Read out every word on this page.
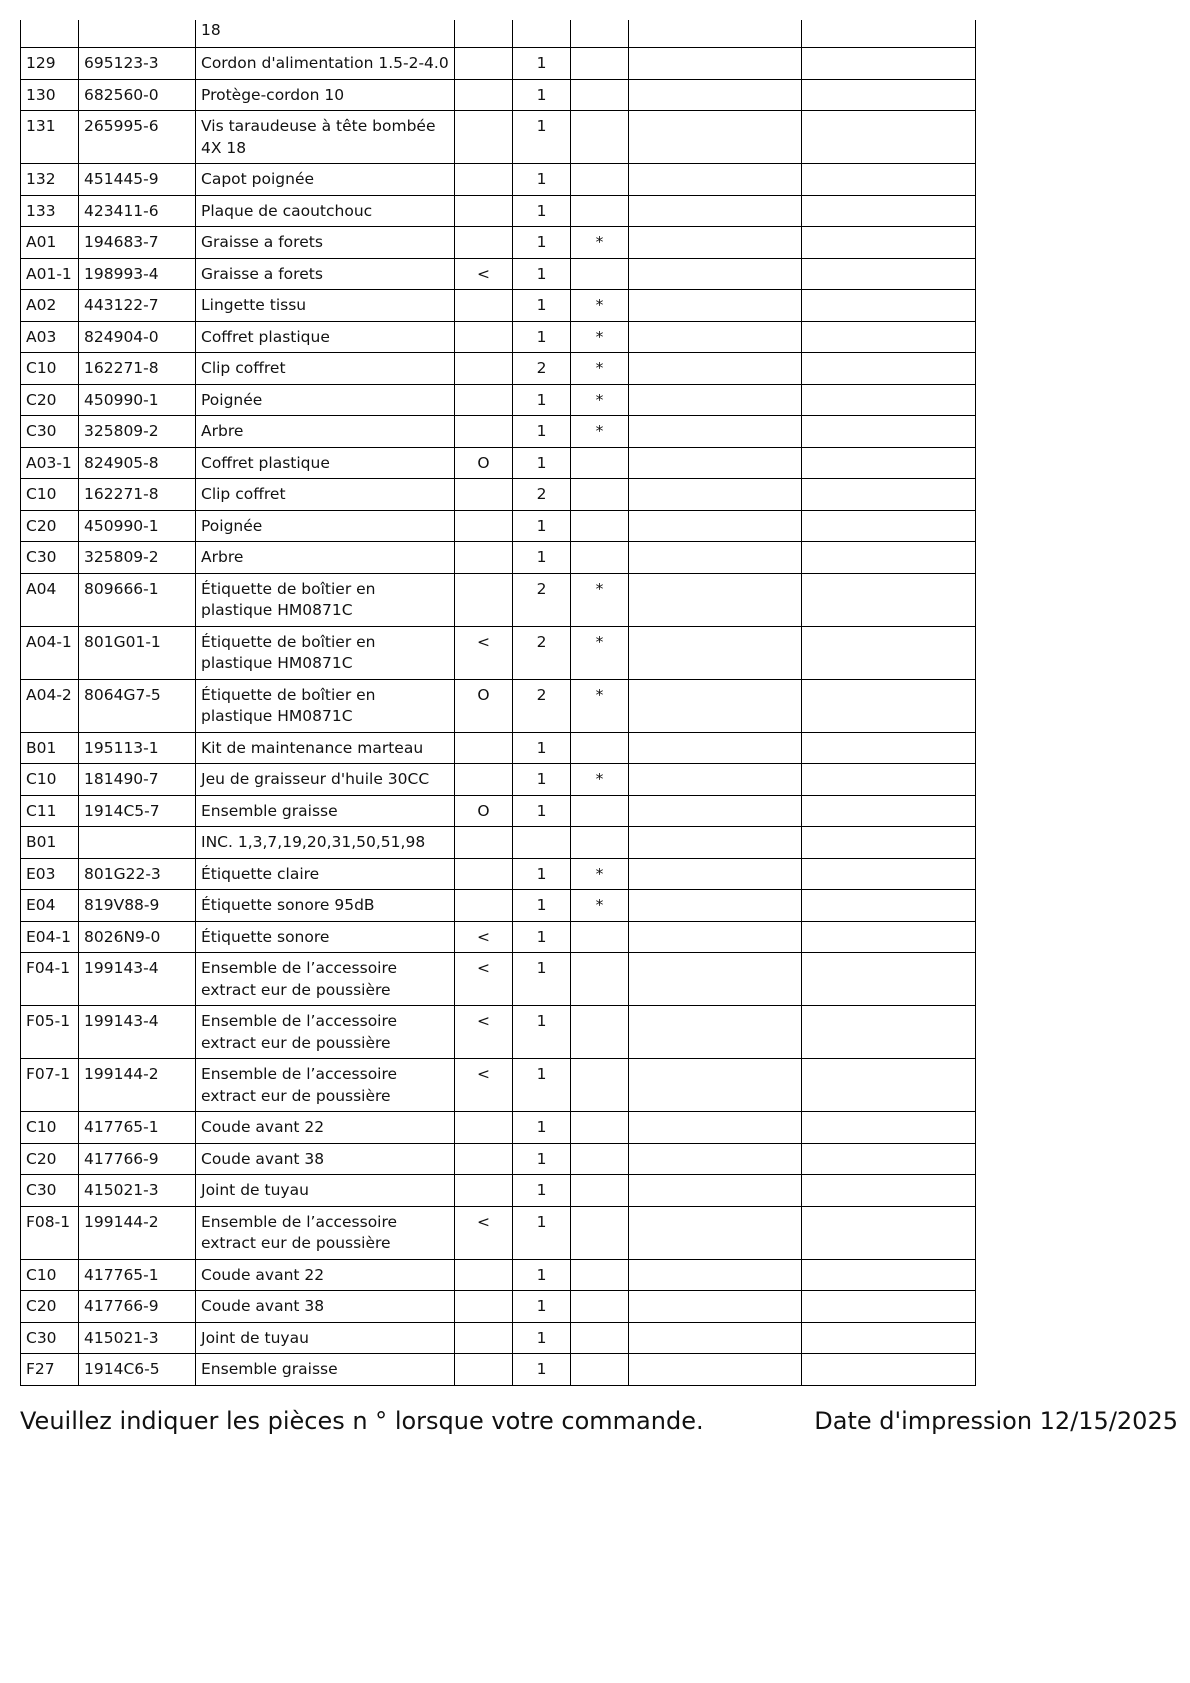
		18					
129	695123-3	Cordon d'alimentation 1.5-2-4.0		1			
130	682560-0	Protège-cordon 10		1			
131	265995-6	Vis taraudeuse à tête bombée 4X 18		1			
132	451445-9	Capot poignée		1			
133	423411-6	Plaque de caoutchouc		1			
A01	194683-7	Graisse a forets		1	*		
A01-1	198993-4	Graisse a forets	<	1			
A02	443122-7	Lingette tissu		1	*		
A03	824904-0	Coffret plastique		1	*		
C10	162271-8	Clip coffret		2	*		
C20	450990-1	Poignée		1	*		
C30	325809-2	Arbre		1	*		
A03-1	824905-8	Coffret plastique	O	1			
C10	162271-8	Clip coffret		2			
C20	450990-1	Poignée		1			
C30	325809-2	Arbre		1			
A04	809666-1	Étiquette de boîtier en plastique HM0871C		2	*		
A04-1	801G01-1	Étiquette de boîtier en plastique HM0871C	<	2	*		
A04-2	8064G7-5	Étiquette de boîtier en plastique HM0871C	O	2	*		
B01	195113-1	Kit de maintenance marteau		1			
C10	181490-7	Jeu de graisseur d'huile 30CC		1	*		
C11	1914C5-7	Ensemble graisse	O	1			
B01		INC. 1,3,7,19,20,31,50,51,98					
E03	801G22-3	Étiquette claire		1	*		
E04	819V88-9	Étiquette sonore 95dB		1	*		
E04-1	8026N9-0	Étiquette sonore	<	1			
F04-1	199143-4	Ensemble de l’accessoire extract eur de poussière	<	1			
F05-1	199143-4	Ensemble de l’accessoire extract eur de poussière	<	1			
F07-1	199144-2	Ensemble de l’accessoire extract eur de poussière	<	1			
C10	417765-1	Coude avant 22		1			
C20	417766-9	Coude avant 38		1			
C30	415021-3	Joint de tuyau		1			
F08-1	199144-2	Ensemble de l’accessoire extract eur de poussière	<	1			
C10	417765-1	Coude avant 22		1			
C20	417766-9	Coude avant 38		1			
C30	415021-3	Joint de tuyau		1			
F27	1914C6-5	Ensemble graisse		1			
Veuillez indiquer les pièces n ° lorsque votre commande.	Date d'impression 12/15/2025
